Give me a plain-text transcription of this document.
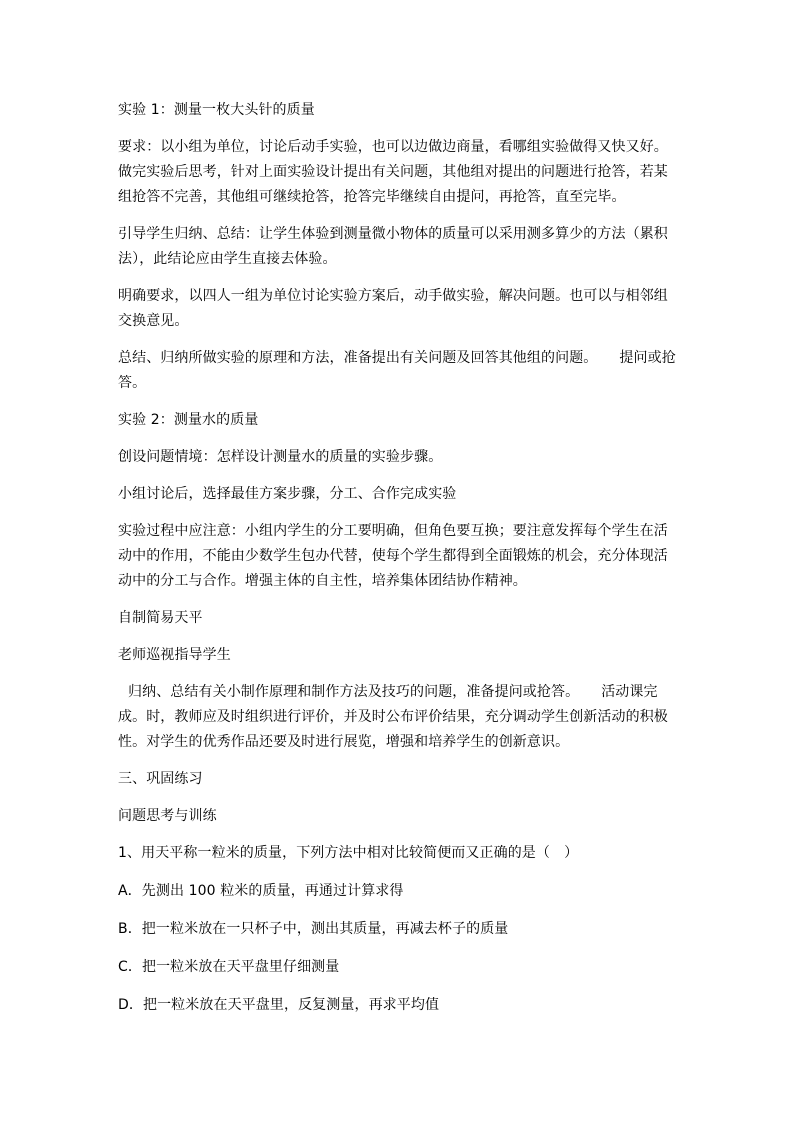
实验 1：测量一枚大头针的质量

要求：以小组为单位，讨论后动手实验，也可以边做边商量，看哪组实验做得又快又好。做完实验后思考，针对上面实验设计提出有关问题，其他组对提出的问题进行抢答，若某组抢答不完善，其他组可继续抢答，抢答完毕继续自由提问，再抢答，直至完毕。

引导学生归纳、总结：让学生体验到测量微小物体的质量可以采用测多算少的方法（累积法），此结论应由学生直接去体验。

明确要求，以四人一组为单位讨论实验方案后，动手做实验，解决问题。也可以与相邻组交换意见。

总结、归纳所做实验的原理和方法，准备提出有关问题及回答其他组的问题。 提问或抢答。

实验 2：测量水的质量

创设问题情境：怎样设计测量水的质量的实验步骤。

小组讨论后，选择最佳方案步骤，分工、合作完成实验

实验过程中应注意：小组内学生的分工要明确，但角色要互换；要注意发挥每个学生在活动中的作用，不能由少数学生包办代替，使每个学生都得到全面锻炼的机会，充分体现活动中的分工与合作。增强主体的自主性，培养集体团结协作精神。

自制简易天平

老师巡视指导学生

归纳、总结有关小制作原理和制作方法及技巧的问题，准备提问或抢答。 活动课完成。时，教师应及时组织进行评价，并及时公布评价结果，充分调动学生创新活动的积极性。对学生的优秀作品还要及时进行展览，增强和培养学生的创新意识。

三、巩固练习

问题思考与训练

1、用天平称一粒米的质量，下列方法中相对比较简便而又正确的是（　）

A．先测出 100 粒米的质量，再通过计算求得

B．把一粒米放在一只杯子中，测出其质量，再减去杯子的质量

C．把一粒米放在天平盘里仔细测量

D．把一粒米放在天平盘里，反复测量，再求平均值
